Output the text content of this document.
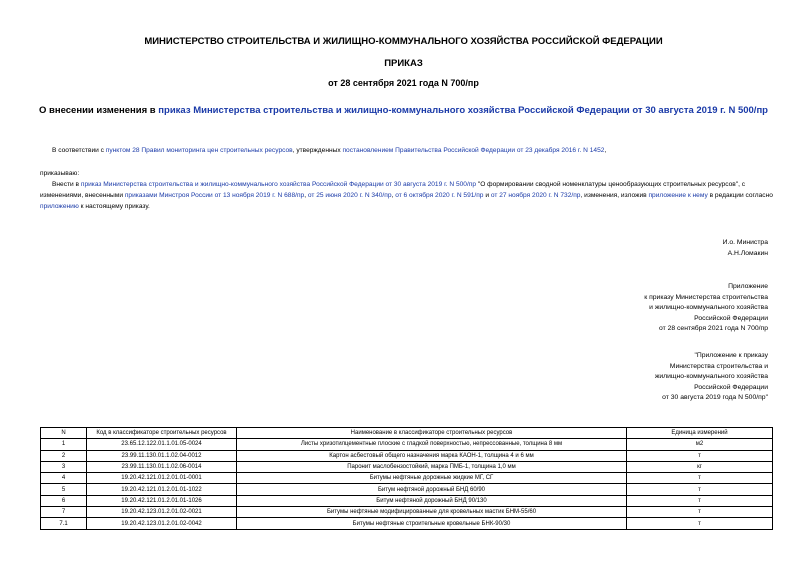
МИНИСТЕРСТВО СТРОИТЕЛЬСТВА И ЖИЛИЩНО-КОММУНАЛЬНОГО ХОЗЯЙСТВА РОССИЙСКОЙ ФЕДЕРАЦИИ
ПРИКАЗ
от 28 сентября 2021 года N 700/пр
О внесении изменения в приказ Министерства строительства и жилищно-коммунального хозяйства Российской Федерации от 30 августа 2019 г. N 500/пр
В соответствии с пунктом 28 Правил мониторинга цен строительных ресурсов, утвержденных постановлением Правительства Российской Федерации от 23 декабря 2016 г. N 1452,
приказываю:
Внести в приказ Министерства строительства и жилищно-коммунального хозяйства Российской Федерации от 30 августа 2019 г. N 500/пр "О формировании сводной номенклатуры ценообразующих строительных ресурсов", с изменениями, внесенными приказами Минстроя России от 13 ноября 2019 г. N 688/пр, от 25 июня 2020 г. N 340/пр, от 6 октября 2020 г. N 591/пр и от 27 ноября 2020 г. N 732/пр, изменения, изложив приложение к нему в редакции согласно приложению к настоящему приказу.
И.о. Министра
А.Н.Ломакин
Приложение
к приказу Министерства строительства
и жилищно-коммунального хозяйства
Российской Федерации
от 28 сентября 2021 года N 700/пр
"Приложение к приказу
Министерства строительства и
жилищно-коммунального хозяйства
Российской Федерации
от 30 августа 2019 года N 500/пр"
N	Код в классификаторе строительных ресурсов	Наименование в классификаторе строительных ресурсов	Единица измерений
1	23.65.12.122.01.1.01.05-0024	Листы хризотилцементные плоские с гладкой поверхностью, непрессованные, толщина 8 мм	м2
2	23.99.11.130.01.1.02.04-0012	Картон асбестовый общего назначения марка КАОН-1, толщина 4 и 6 мм	т
3	23.99.11.130.01.1.02.06-0014	Паронит маслобензостойкий, марка ПМБ-1, толщина 1,0 мм	кг
4	19.20.42.121.01.2.01.01-0001	Битумы нефтяные дорожные жидкие МГ, СГ	т
5	19.20.42.121.01.2.01.01-1022	Битум нефтяной дорожный БНД 60/90	т
6	19.20.42.121.01.2.01.01-1026	Битум нефтяной дорожный БНД 90/130	т
7	19.20.42.123.01.2.01.02-0021	Битумы нефтяные модифицированные для кровельных мастик БНМ-55/60	т
7.1	19.20.42.123.01.2.01.02-0042	Битумы нефтяные строительные кровельные БНК-90/30	т
